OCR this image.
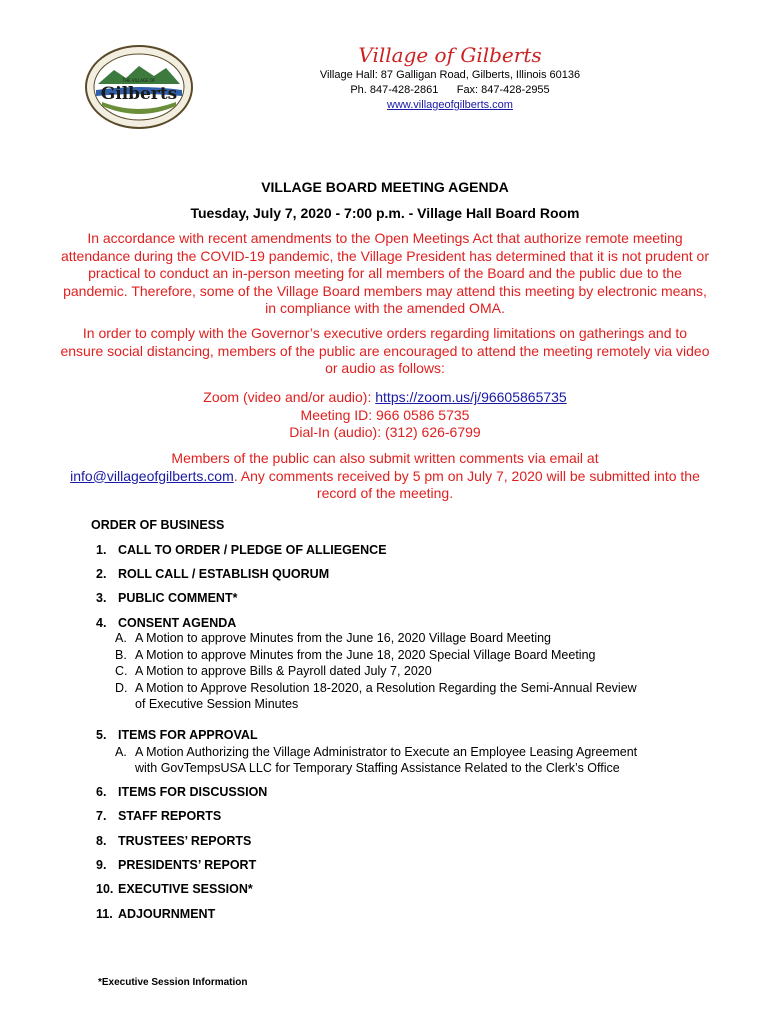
Gilberts
THE VILLAGE OF
Village of Gilberts
Village Hall: 87 Galligan Road, Gilberts, Illinois 60136
Ph. 847-428-2861      Fax: 847-428-2955
www.villageofgilberts.com
VILLAGE BOARD MEETING AGENDA
Tuesday, July 7, 2020 - 7:00 p.m. - Village Hall Board Room
In accordance with recent amendments to the Open Meetings Act that authorize remote meeting attendance during the COVID-19 pandemic, the Village President has determined that it is not prudent or practical to conduct an in-person meeting for all members of the Board and the public due to the pandemic. Therefore, some of the Village Board members may attend this meeting by electronic means, in compliance with the amended OMA.
In order to comply with the Governor’s executive orders regarding limitations on gatherings and to ensure social distancing, members of the public are encouraged to attend the meeting remotely via video or audio as follows:
Zoom (video and/or audio): https://zoom.us/j/96605865735
Meeting ID: 966 0586 5735
Dial-In (audio): (312) 626-6799
Members of the public can also submit written comments via email at
info@villageofgilberts.com. Any comments received by 5 pm on July 7, 2020 will be submitted into the record of the meeting.
ORDER OF BUSINESS
1. CALL TO ORDER / PLEDGE OF ALLIEGENCE
2. ROLL CALL / ESTABLISH QUORUM
3. PUBLIC COMMENT*
4. CONSENT AGENDA
A. A Motion to approve Minutes from the June 16, 2020 Village Board Meeting
B. A Motion to approve Minutes from the June 18, 2020 Special Village Board Meeting
C. A Motion to approve Bills & Payroll dated July 7, 2020
D. A Motion to Approve Resolution 18-2020, a Resolution Regarding the Semi-Annual Review
of Executive Session Minutes
5. ITEMS FOR APPROVAL
A. A Motion Authorizing the Village Administrator to Execute an Employee Leasing Agreement
with GovTempsUSA LLC for Temporary Staffing Assistance Related to the Clerk’s Office
6. ITEMS FOR DISCUSSION
7. STAFF REPORTS
8. TRUSTEES’ REPORTS
9. PRESIDENTS’ REPORT
10. EXECUTIVE SESSION*
11. ADJOURNMENT
*Executive Session Information
